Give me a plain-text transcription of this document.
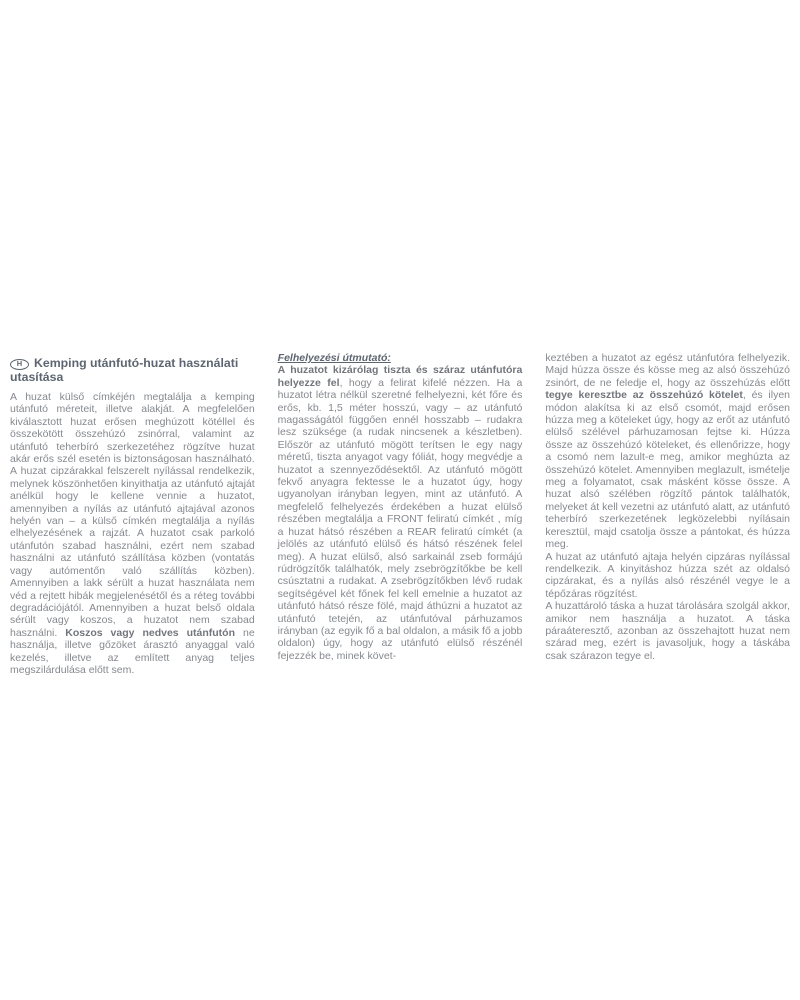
H Kemping utánfutó-huzat használati utasítása

A huzat külső címkéjén megtalálja a kemping utánfutó méreteit, illetve alakját. A megfelelően kiválasztott huzat erősen meghúzott kötéllel és összekötött összehúzó zsinórral, valamint az utánfutó teherbíró szerkezetéhez rögzítve huzat akár erős szél esetén is biztonságosan használható. A huzat cipzárakkal felszerelt nyílással rendelkezik, melynek köszönhetően kinyithatja az utánfutó ajtaját anélkül hogy le kellene vennie a huzatot, amennyiben a nyílás az utánfutó ajtajával azonos helyén van – a külső címkén megtalálja a nyílás elhelyezésének a rajzát. A huzatot csak parkoló utánfutón szabad használni, ezért nem szabad használni az utánfutó szállítása közben (vontatás vagy autómentőn való szállítás közben). Amennyiben a lakk sérült a huzat használata nem véd a rejtett hibák megjelenésétől és a réteg további degradációjától. Amennyiben a huzat belső oldala sérült vagy koszos, a huzatot nem szabad használni. Koszos vagy nedves utánfutón ne használja, illetve gőzöket árasztó anyaggal való kezelés, illetve az említett anyag teljes megszilárdulása előtt sem.

Felhelyezési útmutató:

A huzatot kizárólag tiszta és száraz utánfutóra helyezze fel, hogy a felirat kifelé nézzen. Ha a huzatot létra nélkül szeretné felhelyezni, két főre és erős, kb. 1,5 méter hosszú, vagy – az utánfutó magasságától függően ennél hosszabb – rudakra lesz szüksége (a rudak nincsenek a készletben). Először az utánfutó mögött terítsen le egy nagy méretű, tiszta anyagot vagy fóliát, hogy megvédje a huzatot a szennyeződésektől. Az utánfutó mögött fekvő anyagra fektesse le a huzatot úgy, hogy ugyanolyan irányban legyen, mint az utánfutó. A megfelelő felhelyezés érdekében a huzat elülső részében megtalálja a FRONT feliratú címkét , míg a huzat hátsó részében a REAR feliratú címkét (a jelölés az utánfutó elülső és hátsó részének felel meg). A huzat elülső, alsó sarkainál zseb formájú rúdrögzítők találhatók, mely zsebrögzítőkbe be kell csúsztatni a rudakat. A zsebrögzítőkben lévő rudak segítségével két főnek fel kell emelnie a huzatot az utánfutó hátsó része fölé, majd áthúzni a huzatot az utánfutó tetején, az utánfutóval párhuzamos irányban (az egyik fő a bal oldalon, a másik fő a jobb oldalon) úgy, hogy az utánfutó elülső részénél fejezzék be, minek követ-

keztében a huzatot az egész utánfutóra felhelyezik. Majd húzza össze és kösse meg az alsó összehúzó zsinórt, de ne feledje el, hogy az összehúzás előtt tegye keresztbe az összehúzó kötelet, és ilyen módon alakítsa ki az első csomót, majd erősen húzza meg a köteleket úgy, hogy az erőt az utánfutó elülső szélével párhuzamosan fejtse ki. Húzza össze az összehúzó köteleket, és ellenőrizze, hogy a csomó nem lazult-e meg, amikor meghúzta az összehúzó kötelet. Amennyiben meglazult, ismételje meg a folyamatot, csak másként kösse össze. A huzat alsó szélében rögzítő pántok találhatók, melyeket át kell vezetni az utánfutó alatt, az utánfutó teherbíró szerkezetének legközelebbi nyílásain keresztül, majd csatolja össze a pántokat, és húzza meg.

A huzat az utánfutó ajtaja helyén cipzáras nyílással rendelkezik. A kinyitáshoz húzza szét az oldalsó cipzárakat, és a nyílás alsó részénél vegye le a tépőzáras rögzítést.

A huzattároló táska a huzat tárolására szolgál akkor, amikor nem használja a huzatot. A táska páraáteresztő, azonban az összehajtott huzat nem szárad meg, ezért is javasoljuk, hogy a táskába csak szárazon tegye el.
